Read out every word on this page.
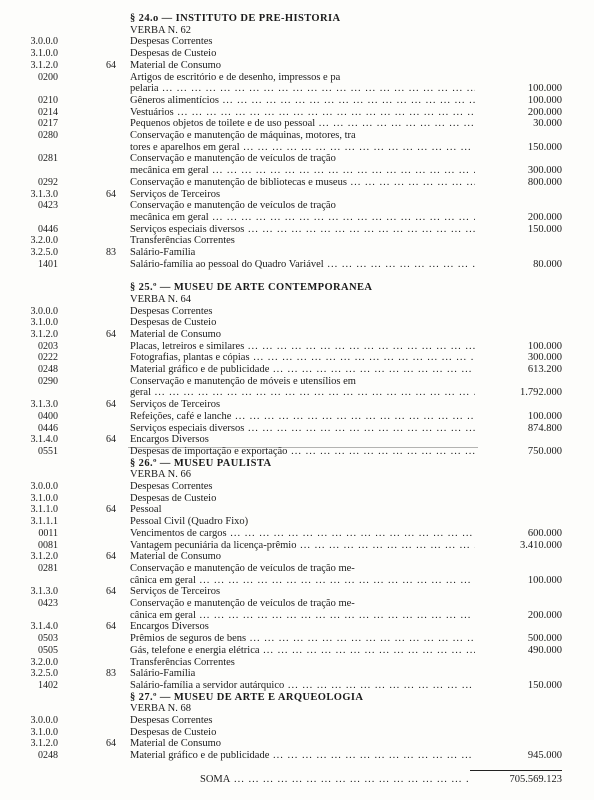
§ 24.o — INSTITUTO DE PRE-HISTORIA
VERBA N. 62
3.0.0.0	Despesas Correntes
3.1.0.0	Despesas de Custeio
3.1.2.0	64 Material de Consumo
0200	Artigos de escritório e de desenho, impressos e pa
pelaria ... .	100.000
0210	Gêneros alimentícios ... .	100.000
0214	Vestuários ... .	200.000
0217	Pequenos objetos de toilete e de uso pessoal ... .	30.000
0280	Conservação e manutenção de máquinas, motores, tra
tores e aparelhos em geral ... .	150.000
0281	Conservação e manutenção de veículos de tração
mecânica em geral ... .	300.000
0292	Conservação e manutenção de bibliotecas e museus ... .	800.000
3.1.3.0	64 Serviços de Terceiros
0423	Conservação e manutenção de veículos de tração
mecânica em geral ... .	200.000
0446	Serviços especiais diversos ... .	150.000
3.2.0.0	Transferências Correntes
3.2.5.0	83 Salário-Família
1401	Salário-família ao pessoal do Quadro Variável ... .	80.000
§ 25.º — MUSEU DE ARTE CONTEMPORANEA
VERBA N. 64
3.0.0.0	Despesas Correntes
3.1.0.0	Despesas de Custeio
3.1.2.0	64 Material de Consumo
0203	Placas, letreiros e similares ... .	100.000
0222	Fotografias, plantas e cópias ... .	300.000
0248	Material gráfico e de publicidade ... .	613.200
0290	Conservação e manutenção de móveis e utensílios em
geral ... .	1.792.000
3.1.3.0	64 Serviços de Terceiros
0400	Refeições, café e lanche ... .	100.000
0446	Serviços especiais diversos ... .	874.800
3.1.4.0	64 Encargos Diversos
0551	Despesas de importação e exportação ... .	750.000
§ 26.º — MUSEU PAULISTA
VERBA N. 66
3.0.0.0	Despesas Correntes
3.1.0.0	Despesas de Custeio
3.1.1.0	64 Pessoal
3.1.1.1	Pessoal Civil (Quadro Fixo)
0011	Vencimentos de cargos ... .	600.000
0081	Vantagem pecuniária da licença-prêmio ... .	3.410.000
3.1.2.0	64 Material de Consumo
0281	Conservação e manutenção de veículos de tração me-
cânica em geral ... .	100.000
3.1.3.0	64 Serviços de Terceiros
0423	Conservação e manutenção de veículos de tração me-
cânica em geral ... .	200.000
3.1.4.0	64 Encargos Diversos
0503	Prêmios de seguros de bens ... .	500.000
0505	Gás, telefone e energia elétrica ... .	490.000
3.2.0.0	Transferências Correntes
3.2.5.0	83 Salário-Família
1402	Salário-família a servidor autárquico ... .	150.000
§ 27.º — MUSEU DE ARTE E ARQUEOLOGIA
VERBA N. 68
3.0.0.0	Despesas Correntes
3.1.0.0	Despesas de Custeio
3.1.2.0	64 Material de Consumo
0248	Material gráfico e de publicidade ... .	945.000
SOMA ... .	705.569.123
